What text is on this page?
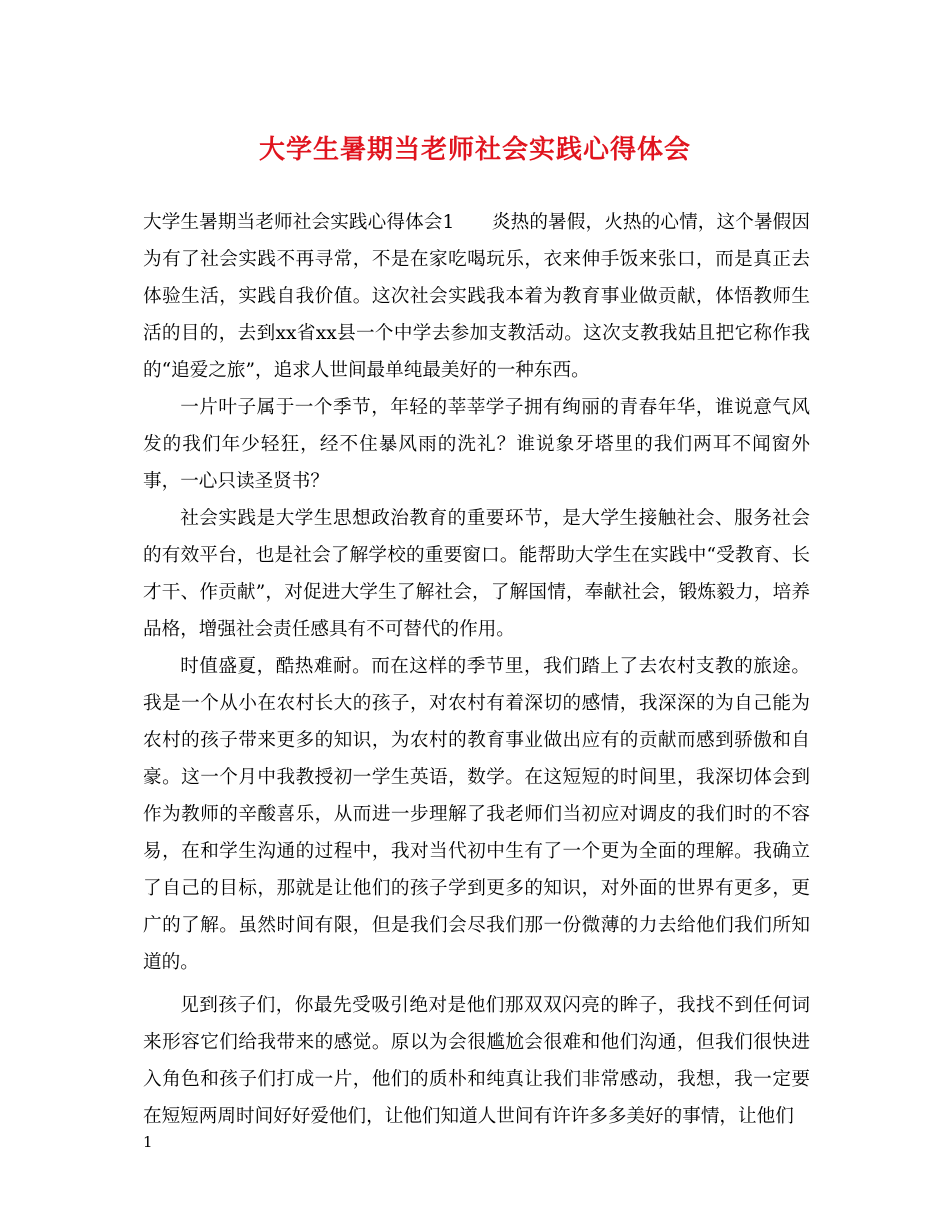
大学生暑期当老师社会实践心得体会

大学生暑期当老师社会实践心得体会1　　炎热的暑假，火热的心情，这个暑假因为有了社会实践不再寻常，不是在家吃喝玩乐，衣来伸手饭来张口，而是真正去体验生活，实践自我价值。这次社会实践我本着为教育事业做贡献，体悟教师生活的目的，去到xx省xx县一个中学去参加支教活动。这次支教我姑且把它称作我的“追爱之旅”，追求人世间最单纯最美好的一种东西。

一片叶子属于一个季节，年轻的莘莘学子拥有绚丽的青春年华，谁说意气风发的我们年少轻狂，经不住暴风雨的洗礼？谁说象牙塔里的我们两耳不闻窗外事，一心只读圣贤书？

社会实践是大学生思想政治教育的重要环节，是大学生接触社会、服务社会的有效平台，也是社会了解学校的重要窗口。能帮助大学生在实践中“受教育、长才干、作贡献”，对促进大学生了解社会，了解国情，奉献社会，锻炼毅力，培养品格，增强社会责任感具有不可替代的作用。

时值盛夏，酷热难耐。而在这样的季节里，我们踏上了去农村支教的旅途。我是一个从小在农村长大的孩子，对农村有着深切的感情，我深深的为自己能为农村的孩子带来更多的知识，为农村的教育事业做出应有的贡献而感到骄傲和自豪。这一个月中我教授初一学生英语，数学。在这短短的时间里，我深切体会到作为教师的辛酸喜乐，从而进一步理解了我老师们当初应对调皮的我们时的不容易，在和学生沟通的过程中，我对当代初中生有了一个更为全面的理解。我确立了自己的目标，那就是让他们的孩子学到更多的知识，对外面的世界有更多，更广的了解。虽然时间有限，但是我们会尽我们那一份微薄的力去给他们我们所知道的。

见到孩子们，你最先受吸引绝对是他们那双双闪亮的眸子，我找不到任何词来形容它们给我带来的感觉。原以为会很尴尬会很难和他们沟通，但我们很快进入角色和孩子们打成一片，他们的质朴和纯真让我们非常感动，我想，我一定要在短短两周时间好好爱他们，让他们知道人世间有许许多多美好的事情，让他们

1
